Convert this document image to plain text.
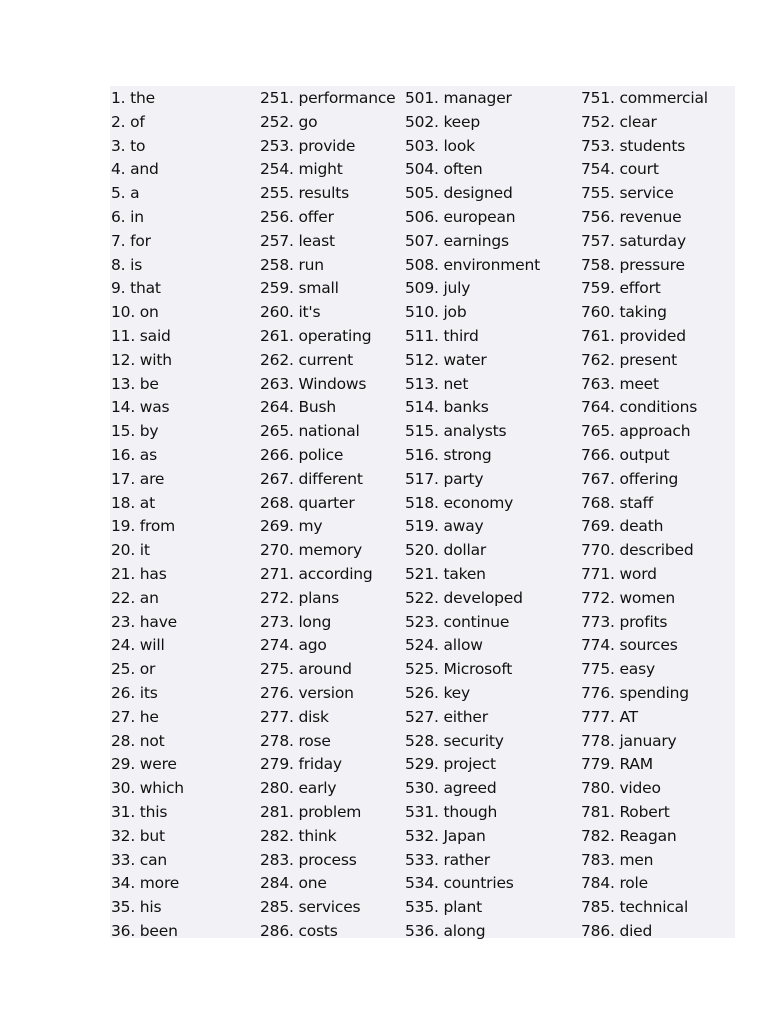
1. the
2. of
3. to
4. and
5. a
6. in
7. for
8. is
9. that
10. on
11. said
12. with
13. be
14. was
15. by
16. as
17. are
18. at
19. from
20. it
21. has
22. an
23. have
24. will
25. or
26. its
27. he
28. not
29. were
30. which
31. this
32. but
33. can
34. more
35. his
36. been
251. performance
252. go
253. provide
254. might
255. results
256. offer
257. least
258. run
259. small
260. it's
261. operating
262. current
263. Windows
264. Bush
265. national
266. police
267. different
268. quarter
269. my
270. memory
271. according
272. plans
273. long
274. ago
275. around
276. version
277. disk
278. rose
279. friday
280. early
281. problem
282. think
283. process
284. one
285. services
286. costs
501. manager
502. keep
503. look
504. often
505. designed
506. european
507. earnings
508. environment
509. july
510. job
511. third
512. water
513. net
514. banks
515. analysts
516. strong
517. party
518. economy
519. away
520. dollar
521. taken
522. developed
523. continue
524. allow
525. Microsoft
526. key
527. either
528. security
529. project
530. agreed
531. though
532. Japan
533. rather
534. countries
535. plant
536. along
751. commercial
752. clear
753. students
754. court
755. service
756. revenue
757. saturday
758. pressure
759. effort
760. taking
761. provided
762. present
763. meet
764. conditions
765. approach
766. output
767. offering
768. staff
769. death
770. described
771. word
772. women
773. profits
774. sources
775. easy
776. spending
777. AT
778. january
779. RAM
780. video
781. Robert
782. Reagan
783. men
784. role
785. technical
786. died
